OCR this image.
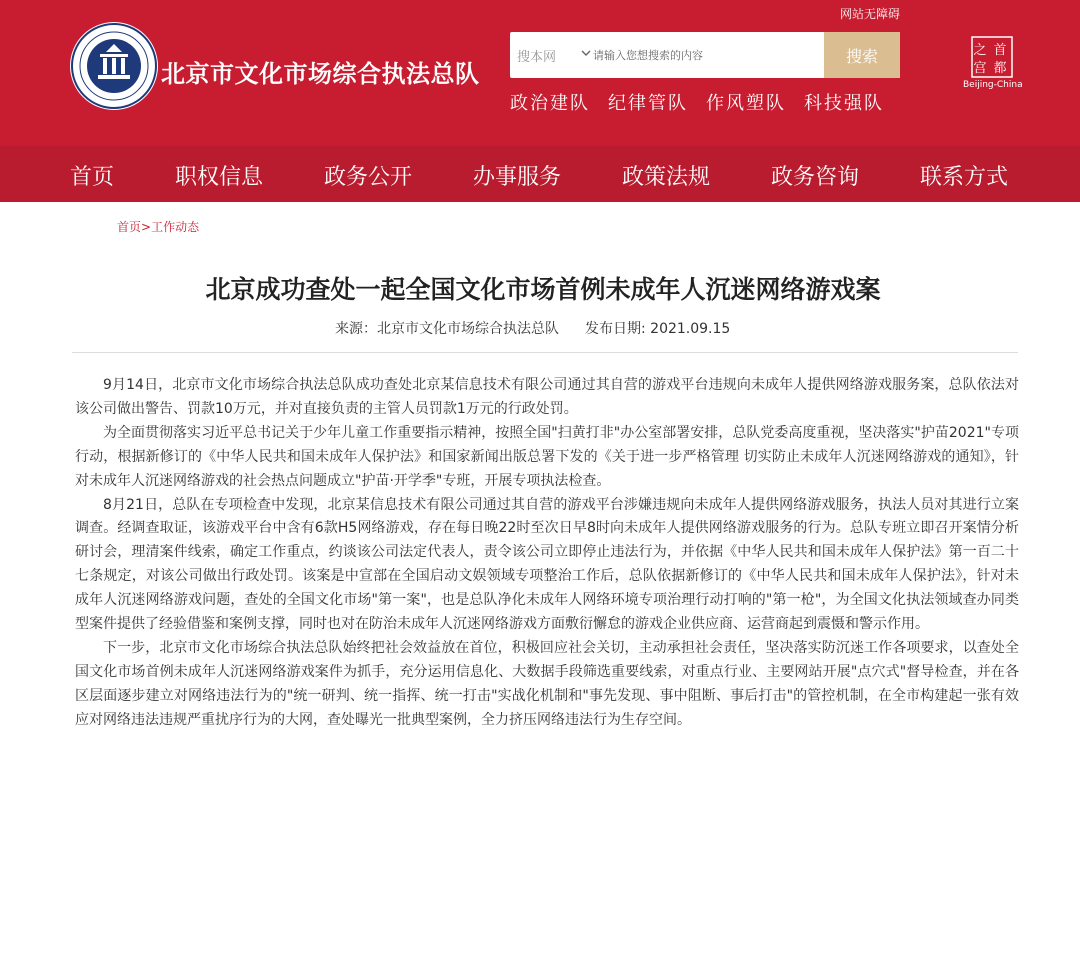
网站无障碍
北京市文化市场综合执法总队
搜本网
请输入您想搜索的内容	搜索
政治建队 纪律管队 作风塑队 科技强队
之 首
宫 都
Beijing-China
首页	职权信息	政务公开	办事服务	政策法规	政务咨询	联系方式
首页>工作动态
北京成功查处一起全国文化市场首例未成年人沉迷网络游戏案
来源：北京市文化市场综合执法总队 发布日期: 2021.09.15

9月14日，北京市文化市场综合执法总队成功查处北京某信息技术有限公司通过其自营的游戏平台违规向未成年人提供网络游戏服务案，总队依法对该公司做出警告、罚款10万元，并对直接负责的主管人员罚款1万元的行政处罚。

为全面贯彻落实习近平总书记关于少年儿童工作重要指示精神，按照全国"扫黄打非"办公室部署安排，总队党委高度重视，坚决落实"护苗2021"专项行动，根据新修订的《中华人民共和国未成年人保护法》和国家新闻出版总署下发的《关于进一步严格管理 切实防止未成年人沉迷网络游戏的通知》，针对未成年人沉迷网络游戏的社会热点问题成立"护苗·开学季"专班，开展专项执法检查。

8月21日，总队在专项检查中发现，北京某信息技术有限公司通过其自营的游戏平台涉嫌违规向未成年人提供网络游戏服务，执法人员对其进行立案调查。经调查取证，该游戏平台中含有6款H5网络游戏，存在每日晚22时至次日早8时向未成年人提供网络游戏服务的行为。总队专班立即召开案情分析研讨会，理清案件线索，确定工作重点，约谈该公司法定代表人，责令该公司立即停止违法行为，并依据《中华人民共和国未成年人保护法》第一百二十七条规定，对该公司做出行政处罚。该案是中宣部在全国启动文娱领域专项整治工作后，总队依据新修订的《中华人民共和国未成年人保护法》，针对未成年人沉迷网络游戏问题，查处的全国文化市场"第一案"，也是总队净化未成年人网络环境专项治理行动打响的"第一枪"，为全国文化执法领域查办同类型案件提供了经验借鉴和案例支撑，同时也对在防治未成年人沉迷网络游戏方面敷衍懈怠的游戏企业供应商、运营商起到震慑和警示作用。

下一步，北京市文化市场综合执法总队始终把社会效益放在首位，积极回应社会关切，主动承担社会责任，坚决落实防沉迷工作各项要求，以查处全国文化市场首例未成年人沉迷网络游戏案件为抓手，充分运用信息化、大数据手段筛选重要线索，对重点行业、主要网站开展"点穴式"督导检查，并在各区层面逐步建立对网络违法行为的"统一研判、统一指挥、统一打击"实战化机制和"事先发现、事中阻断、事后打击"的管控机制，在全市构建起一张有效应对网络违法违规严重扰序行为的大网，查处曝光一批典型案例，全力挤压网络违法行为生存空间。
